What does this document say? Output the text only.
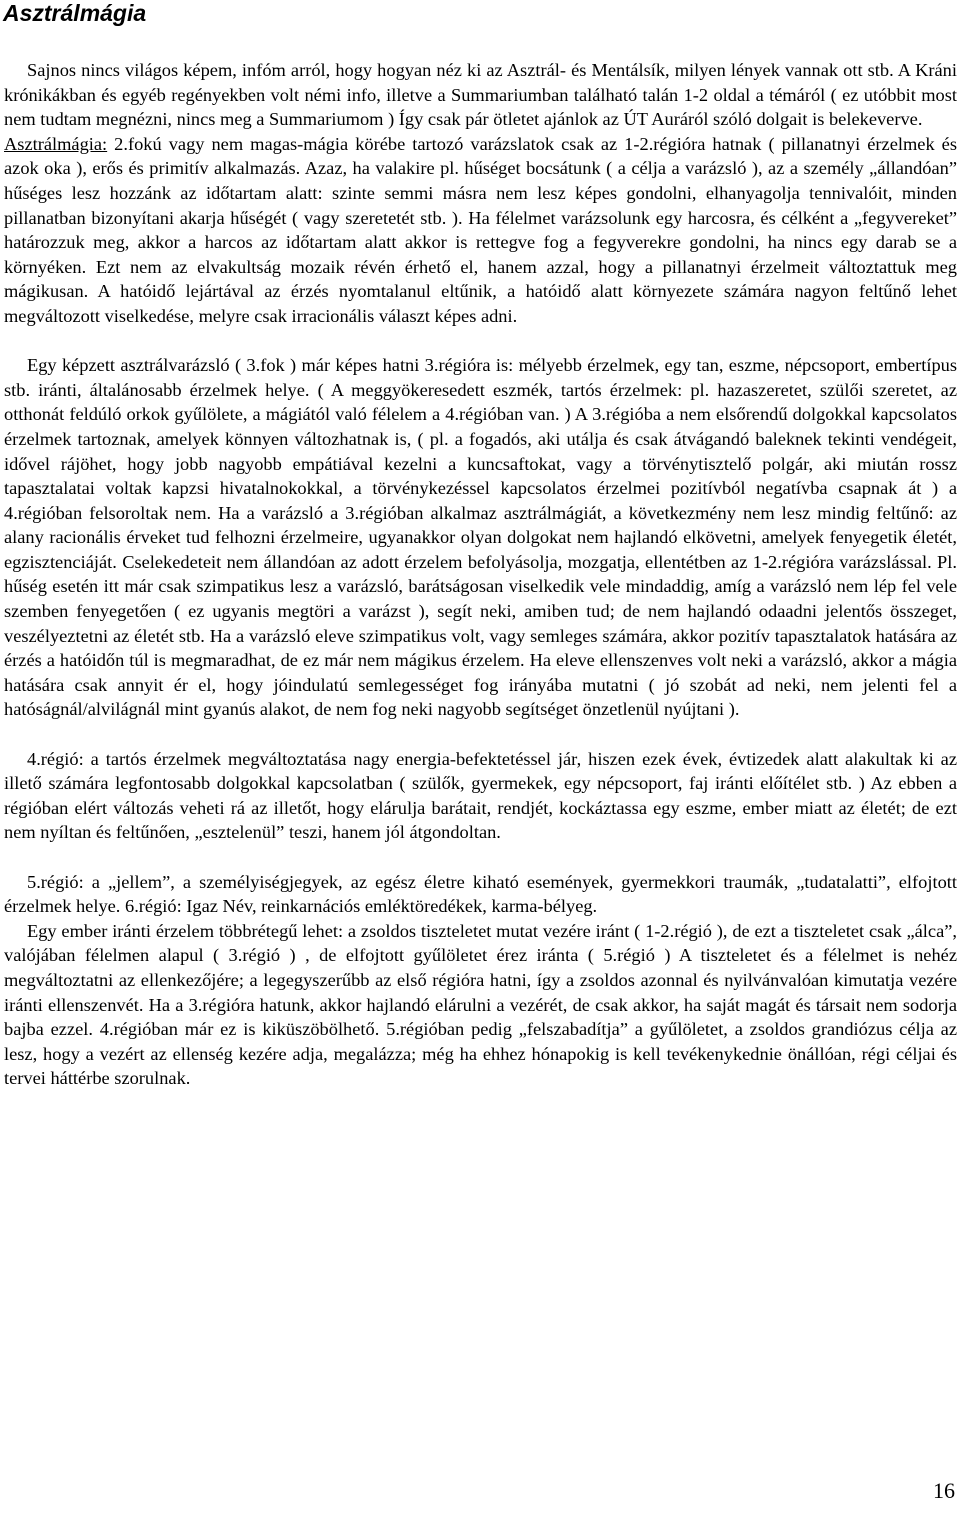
Asztrálmágia

Sajnos nincs világos képem, infóm arról, hogy hogyan néz ki az Asztrál- és Mentálsík, milyen lények vannak ott stb. A Kráni krónikákban és egyéb regényekben volt némi info, illetve a Summariumban található talán 1-2 oldal a témáról ( ez utóbbit most nem tudtam megnézni, nincs meg a Summariumom ) Így csak pár ötletet ajánlok az ÚT Auráról szóló dolgait is belekeverve.

Asztrálmágia: 2.fokú vagy nem magas-mágia körébe tartozó varázslatok csak az 1-2.régióra hatnak ( pillanatnyi érzelmek és azok oka ), erős és primitív alkalmazás. Azaz, ha valakire pl. hűséget bocsátunk ( a célja a varázsló ), az a személy „állandóan” hűséges lesz hozzánk az időtartam alatt: szinte semmi másra nem lesz képes gondolni, elhanyagolja tennivalóit, minden pillanatban bizonyítani akarja hűségét ( vagy szeretetét stb. ). Ha félelmet varázsolunk egy harcosra, és célként a „fegyvereket” határozzuk meg, akkor a harcos az időtartam alatt akkor is rettegve fog a fegyverekre gondolni, ha nincs egy darab se a környéken. Ezt nem az elvakultság mozaik révén érhető el, hanem azzal, hogy a pillanatnyi érzelmeit változtattuk meg mágikusan. A hatóidő lejártával az érzés nyomtalanul eltűnik, a hatóidő alatt környezete számára nagyon feltűnő lehet megváltozott viselkedése, melyre csak irracionális választ képes adni.

Egy képzett asztrálvarázsló ( 3.fok ) már képes hatni 3.régióra is: mélyebb érzelmek, egy tan, eszme, népcsoport, embertípus stb. iránti, általánosabb érzelmek helye. ( A meggyökeresedett eszmék, tartós érzelmek: pl. hazaszeretet, szülői szeretet, az otthonát feldúló orkok gyűlölete, a mágiától való félelem a 4.régióban van. ) A 3.régióba a nem elsőrendű dolgokkal kapcsolatos érzelmek tartoznak, amelyek könnyen változhatnak is, ( pl. a fogadós, aki utálja és csak átvágandó baleknek tekinti vendégeit, idővel rájöhet, hogy jobb nagyobb empátiával kezelni a kuncsaftokat, vagy a törvénytisztelő polgár, aki miután rossz tapasztalatai voltak kapzsi hivatalnokokkal, a törvénykezéssel kapcsolatos érzelmei pozitívból negatívba csapnak át ) a 4.régióban felsoroltak nem. Ha a varázsló a 3.régióban alkalmaz asztrálmágiát, a következmény nem lesz mindig feltűnő: az alany racionális érveket tud felhozni érzelmeire, ugyanakkor olyan dolgokat nem hajlandó elkövetni, amelyek fenyegetik életét, egzisztenciáját. Cselekedeteit nem állandóan az adott érzelem befolyásolja, mozgatja, ellentétben az 1-2.régióra varázslással. Pl. hűség esetén itt már csak szimpatikus lesz a varázsló, barátságosan viselkedik vele mindaddig, amíg a varázsló nem lép fel vele szemben fenyegetően ( ez ugyanis megtöri a varázst ), segít neki, amiben tud; de nem hajlandó odaadni jelentős összeget, veszélyeztetni az életét stb. Ha a varázsló eleve szimpatikus volt, vagy semleges számára, akkor pozitív tapasztalatok hatására az érzés a hatóidőn túl is megmaradhat, de ez már nem mágikus érzelem. Ha eleve ellenszenves volt neki a varázsló, akkor a mágia hatására csak annyit ér el, hogy jóindulatú semlegességet fog irányába mutatni ( jó szobát ad neki, nem jelenti fel a hatóságnál/alvilágnál mint gyanús alakot, de nem fog neki nagyobb segítséget önzetlenül nyújtani ).

4.régió: a tartós érzelmek megváltoztatása nagy energia-befektetéssel jár, hiszen ezek évek, évtizedek alatt alakultak ki az illető számára legfontosabb dolgokkal kapcsolatban ( szülők, gyermekek, egy népcsoport, faj iránti előítélet stb. ) Az ebben a régióban elért változás veheti rá az illetőt, hogy elárulja barátait, rendjét, kockáztassa egy eszme, ember miatt az életét; de ezt nem nyíltan és feltűnően, „esztelenül” teszi, hanem jól átgondoltan.

5.régió: a „jellem”, a személyiségjegyek, az egész életre kiható események, gyermekkori traumák, „tudatalatti”, elfojtott érzelmek helye. 6.régió: Igaz Név, reinkarnációs emléktöredékek, karma-bélyeg.

Egy ember iránti érzelem többrétegű lehet: a zsoldos tiszteletet mutat vezére iránt ( 1-2.régió ), de ezt a tiszteletet csak „álca”, valójában félelmen alapul ( 3.régió ) , de elfojtott gyűlöletet érez iránta ( 5.régió ) A tiszteletet és a félelmet is nehéz megváltoztatni az ellenkezőjére; a legegyszerűbb az első régióra hatni, így a zsoldos azonnal és nyilvánvalóan kimutatja vezére iránti ellenszenvét. Ha a 3.régióra hatunk, akkor hajlandó elárulni a vezérét, de csak akkor, ha saját magát és társait nem sodorja bajba ezzel. 4.régióban már ez is kiküszöbölhető. 5.régióban pedig „felszabadítja” a gyűlöletet, a zsoldos grandiózus célja az lesz, hogy a vezért az ellenség kezére adja, megalázza; még ha ehhez hónapokig is kell tevékenykednie önállóan, régi céljai és tervei háttérbe szorulnak.

16
